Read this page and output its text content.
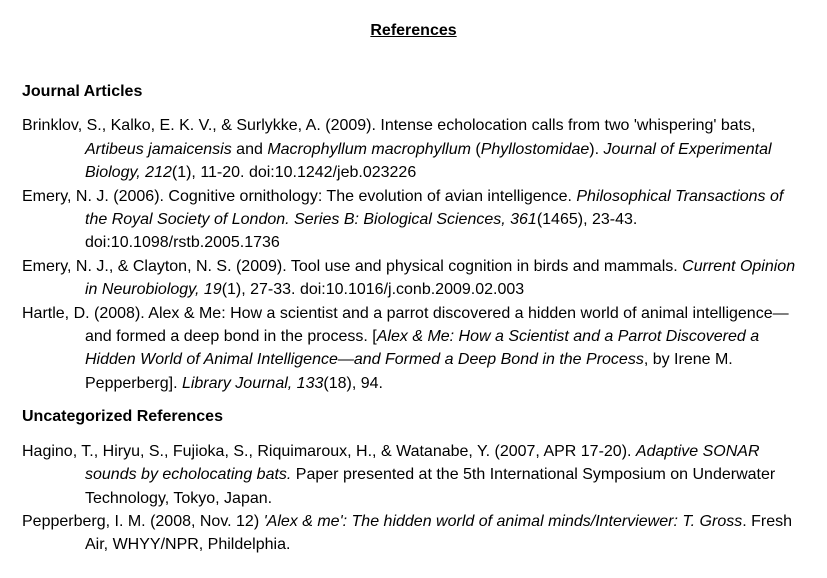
References

Journal Articles

Brinklov, S., Kalko, E. K. V., & Surlykke, A. (2009). Intense echolocation calls from two 'whispering' bats, Artibeus jamaicensis and Macrophyllum macrophyllum (Phyllostomidae). Journal of Experimental Biology, 212(1), 11-20. doi:10.1242/jeb.023226

Emery, N. J. (2006). Cognitive ornithology: The evolution of avian intelligence. Philosophical Transactions of the Royal Society of London. Series B: Biological Sciences, 361(1465), 23-43. doi:10.1098/rstb.2005.1736

Emery, N. J., & Clayton, N. S. (2009). Tool use and physical cognition in birds and mammals. Current Opinion in Neurobiology, 19(1), 27-33. doi:10.1016/j.conb.2009.02.003

Hartle, D. (2008). Alex & Me: How a scientist and a parrot discovered a hidden world of animal intelligence—and formed a deep bond in the process. [Alex & Me: How a Scientist and a Parrot Discovered a Hidden World of Animal Intelligence—and Formed a Deep Bond in the Process, by Irene M. Pepperberg]. Library Journal, 133(18), 94.

Uncategorized References

Hagino, T., Hiryu, S., Fujioka, S., Riquimaroux, H., & Watanabe, Y. (2007, APR 17-20). Adaptive SONAR sounds by echolocating bats. Paper presented at the 5th International Symposium on Underwater Technology, Tokyo, Japan.

Pepperberg, I. M. (2008, Nov. 12) 'Alex & me': The hidden world of animal minds/Interviewer: T. Gross. Fresh Air, WHYY/NPR, Phildelphia.
